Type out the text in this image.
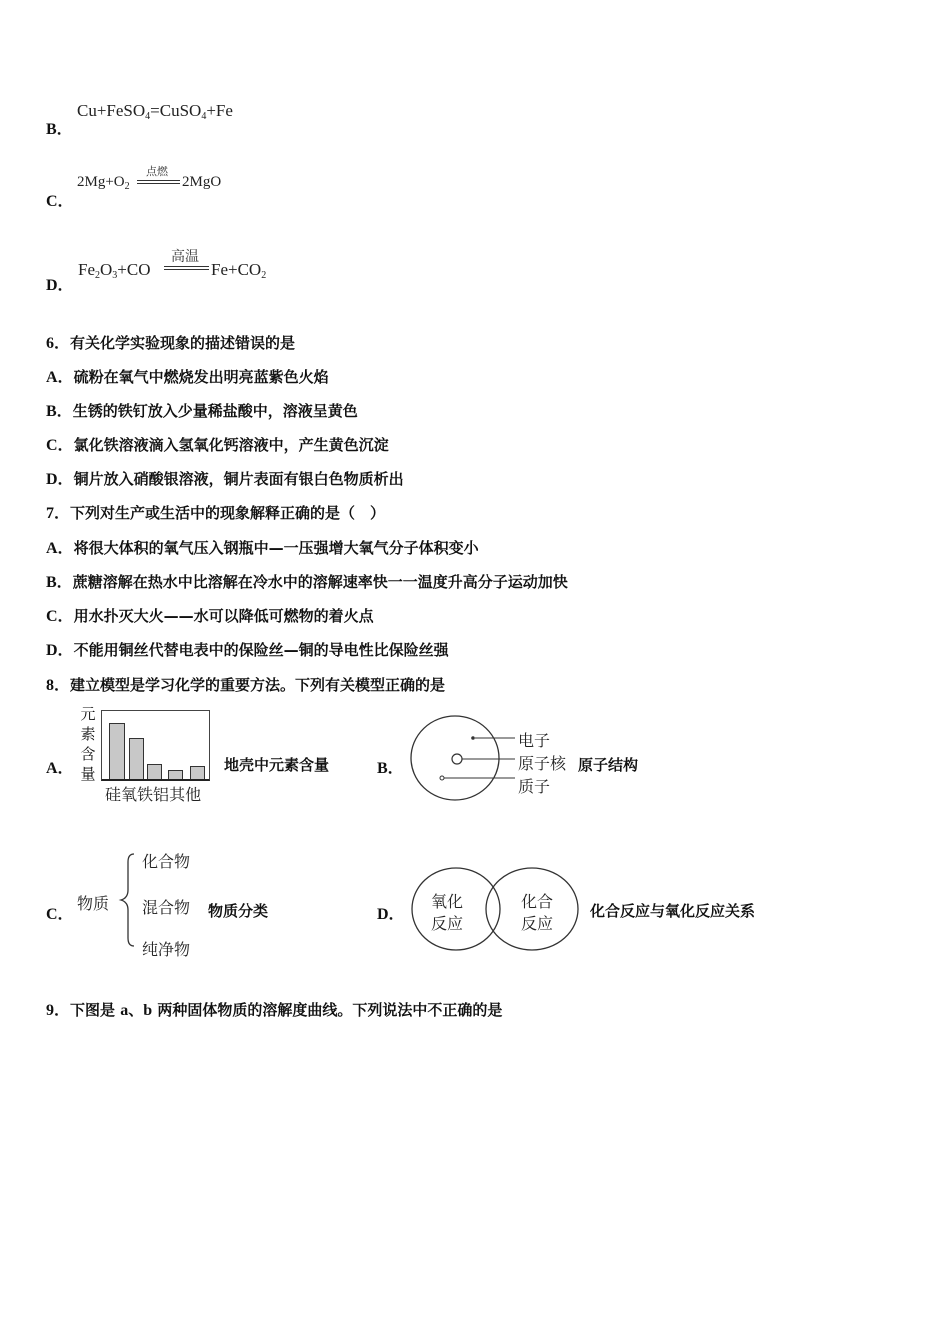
B．
Cu+FeSO$_4$=CuSO$_4$+Fe
C．
$2Mg+O_2$
点燃
2MgO
D．
$Fe_2O_3+CO$
高温
$Fe+CO_2$
6．有关化学实验现象的描述错误的是
A．硫粉在氧气中燃烧发出明亮蓝紫色火焰
B．生锈的铁钉放入少量稀盐酸中，溶液呈黄色
C．氯化铁溶液滴入氢氧化钙溶液中，产生黄色沉淀
D．铜片放入硝酸银溶液，铜片表面有银白色物质析出
7．下列对生产或生活中的现象解释正确的是（　）
A．将很大体积的氧气压入钢瓶中—一压强增大氧气分子体积变小
B．蔗糖溶解在热水中比溶解在冷水中的溶解速率快一一温度升高分子运动加快
C．用水扑灭大火——水可以降低可燃物的着火点
D．不能用铜丝代替电表中的保险丝—铜的导电性比保险丝强
8．建立模型是学习化学的重要方法。下列有关模型正确的是
A．
元
素
含
量
硅氧铁铝其他
地壳中元素含量	B．
电子
原子核
质子
原子结构
C．
物质
化合物
混合物
纯净物
物质分类	D．
氧化
反应
化合
反应
化合反应与氧化反应关系
9．下图是 a、b 两种固体物质的溶解度曲线。下列说法中不正确的是
